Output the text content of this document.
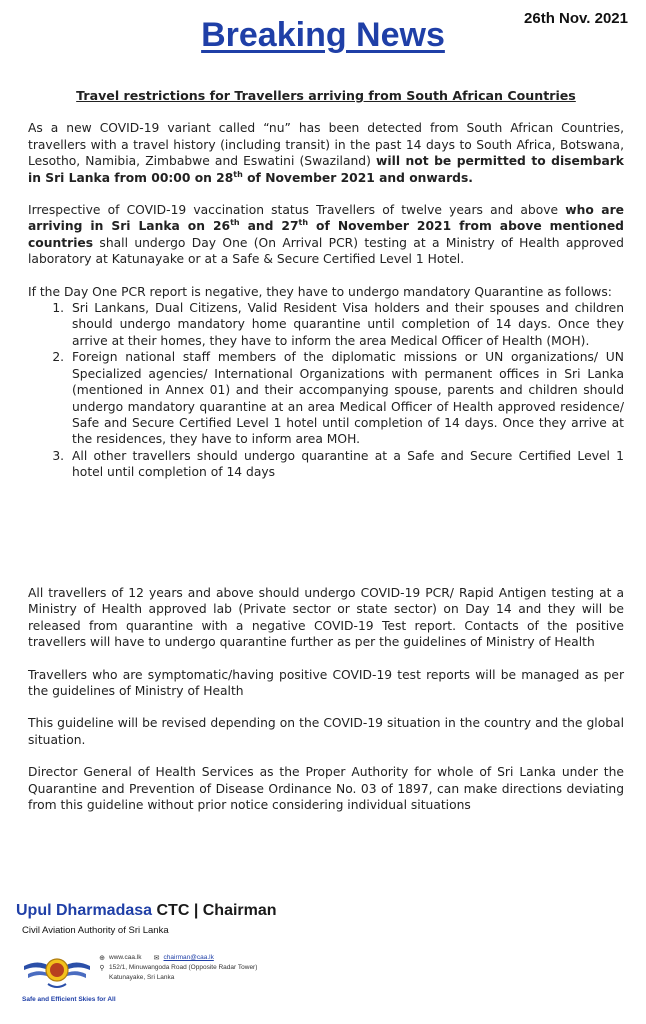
26th Nov. 2021
Breaking News
Travel restrictions for Travellers arriving from South African Countries

As a new COVID-19 variant called “nu” has been detected from South African Countries, travellers with a travel history (including transit) in the past 14 days to South Africa, Botswana, Lesotho, Namibia, Zimbabwe and Eswatini (Swaziland) will not be permitted to disembark in Sri Lanka from 00:00 on 28th of November 2021 and onwards.

Irrespective of COVID-19 vaccination status Travellers of twelve years and above who are arriving in Sri Lanka on 26th and 27th of November 2021 from above mentioned countries shall undergo Day One (On Arrival PCR) testing at a Ministry of Health approved laboratory at Katunayake or at a Safe & Secure Certified Level 1 Hotel.

If the Day One PCR report is negative, they have to undergo mandatory Quarantine as follows:

1. Sri Lankans, Dual Citizens, Valid Resident Visa holders and their spouses and children should undergo mandatory home quarantine until completion of 14 days. Once they arrive at their homes, they have to inform the area Medical Officer of Health (MOH).
2. Foreign national staff members of the diplomatic missions or UN organizations/ UN Specialized agencies/ International Organizations with permanent offices in Sri Lanka (mentioned in Annex 01) and their accompanying spouse, parents and children should undergo mandatory quarantine at an area Medical Officer of Health approved residence/ Safe and Secure Certified Level 1 hotel until completion of 14 days. Once they arrive at the residences, they have to inform area MOH.
3. All other travellers should undergo quarantine at a Safe and Secure Certified Level 1 hotel until completion of 14 days

All travellers of 12 years and above should undergo COVID-19 PCR/ Rapid Antigen testing at a Ministry of Health approved lab (Private sector or state sector) on Day 14 and they will be released from quarantine with a negative COVID-19 Test report. Contacts of the positive travellers will have to undergo quarantine further as per the guidelines of Ministry of Health

Travellers who are symptomatic/having positive COVID-19 test reports will be managed as per the guidelines of Ministry of Health

This guideline will be revised depending on the COVID-19 situation in the country and the global situation.

Director General of Health Services as the Proper Authority for whole of Sri Lanka under the Quarantine and Prevention of Disease Ordinance No. 03 of 1897, can make directions deviating from this guideline without prior notice considering individual situations

Upul Dharmadasa CTC | Chairman
Civil Aviation Authority of Sri Lanka
⊕ www.caa.lk ✉ chairman@caa.lk
⚲ 152/1, Minuwangoda Road (Opposite Radar Tower)
Katunayake, Sri Lanka
Safe and Efficient Skies for All
